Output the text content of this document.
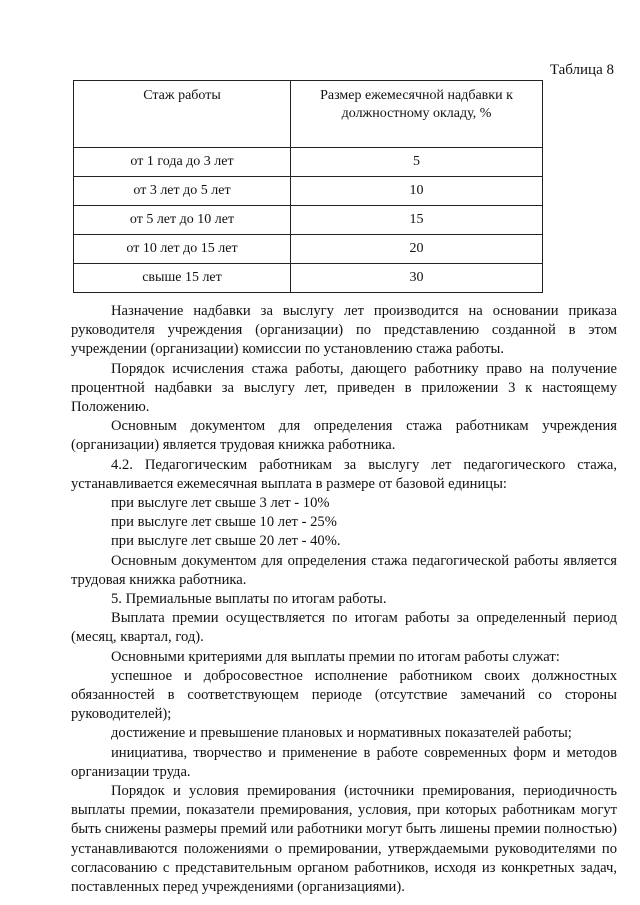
Таблица 8
Стаж работы	Размер ежемесячной надбавки к должностному окладу, %
от 1 года до 3 лет	5
от 3 лет до 5 лет	10
от 5 лет до 10 лет	15
от 10 лет до 15 лет	20
свыше 15 лет	30

Назначение надбавки за выслугу лет производится на основании приказа руководителя учреждения (организации) по представлению созданной в этом учреждении (организации) комиссии по установлению стажа работы.

Порядок исчисления стажа работы, дающего работнику право на получение процентной надбавки за выслугу лет, приведен в приложении 3 к настоящему Положению.

Основным документом для определения стажа работникам учреждения (организации) является трудовая книжка работника.

4.2. Педагогическим работникам за выслугу лет педагогического стажа, устанавливается ежемесячная выплата в размере от базовой единицы:

при выслуге лет свыше 3 лет - 10%

при выслуге лет свыше 10 лет - 25%

при выслуге лет свыше 20 лет - 40%.

Основным документом для определения стажа педагогической работы является трудовая книжка работника.

5. Премиальные выплаты по итогам работы.

Выплата премии осуществляется по итогам работы за определенный период (месяц, квартал, год).

Основными критериями для выплаты премии по итогам работы служат:

успешное и добросовестное исполнение работником своих должностных обязанностей в соответствующем периоде (отсутствие замечаний со стороны руководителей);

достижение и превышение плановых и нормативных показателей работы;

инициатива, творчество и применение в работе современных форм и методов организации труда.

Порядок и условия премирования (источники премирования, периодичность выплаты премии, показатели премирования, условия, при которых работникам могут быть снижены размеры премий или работники могут быть лишены премии полностью) устанавливаются положениями о премировании, утверждаемыми руководителями по согласованию с представительным органом работников, исходя из конкретных задач, поставленных перед учреждениями (организациями).
